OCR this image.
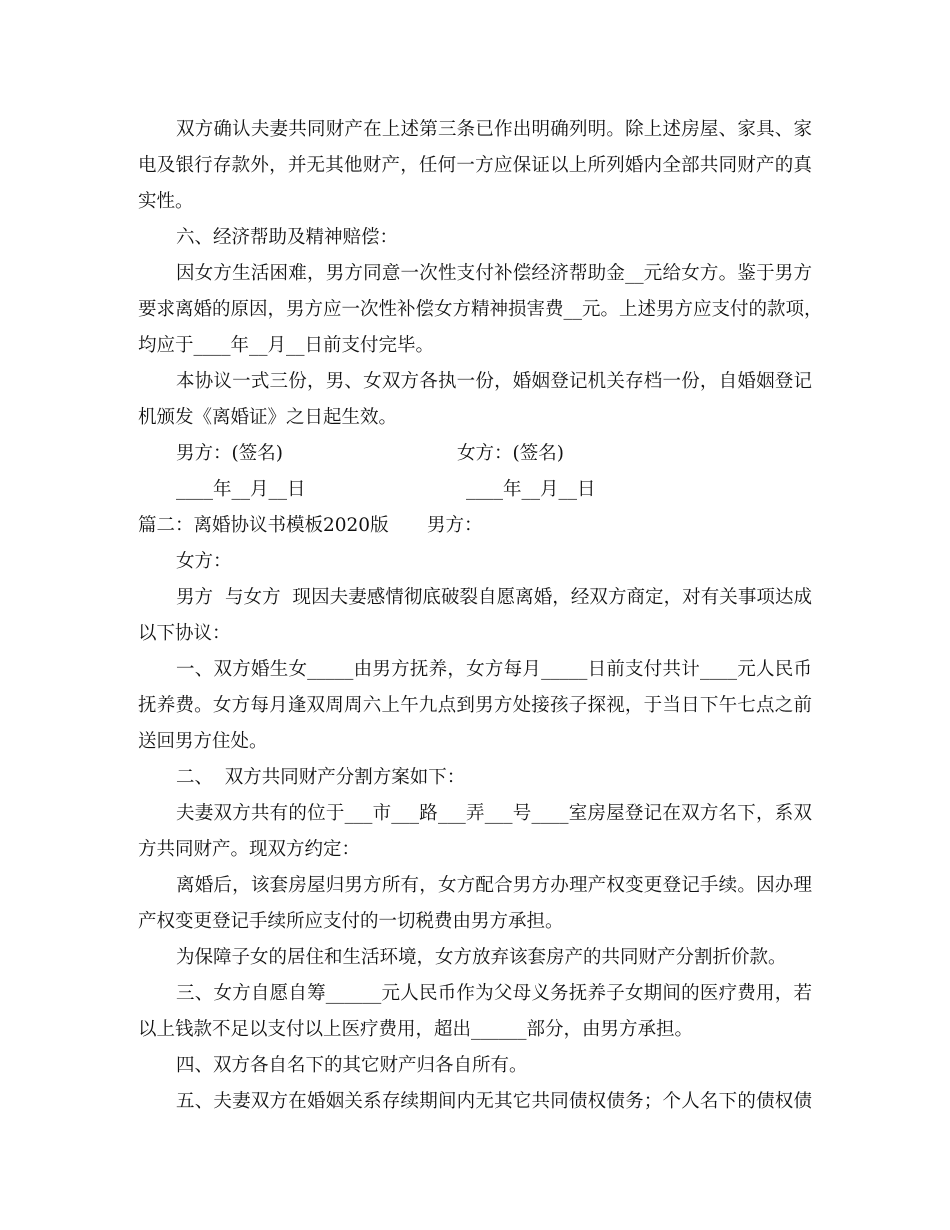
双方确认夫妻共同财产在上述第三条已作出明确列明。除上述房屋、家具、家
电及银行存款外，并无其他财产，任何一方应保证以上所列婚内全部共同财产的真
实性。
六、经济帮助及精神赔偿：
因女方生活困难，男方同意一次性支付补偿经济帮助金__元给女方。鉴于男方
要求离婚的原因，男方应一次性补偿女方精神损害费__元。上述男方应支付的款项，
均应于____年__月__日前支付完毕。
本协议一式三份，男、女双方各执一份，婚姻登记机关存档一份，自婚姻登记
机颁发《离婚证》之日起生效。
男方：(签名)	女方：(签名)
____年__月__日	____年__月__日
篇二：离婚协议书模板2020版 男方：
女方：
男方  与女方  现因夫妻感情彻底破裂自愿离婚，经双方商定，对有关事项达成
以下协议：
一、双方婚生女_____由男方抚养，女方每月_____日前支付共计____元人民币
抚养费。女方每月逢双周周六上午九点到男方处接孩子探视，于当日下午七点之前
送回男方住处。
二、  双方共同财产分割方案如下：
夫妻双方共有的位于___市___路___弄___号____室房屋登记在双方名下，系双
方共同财产。现双方约定：
离婚后，该套房屋归男方所有，女方配合男方办理产权变更登记手续。因办理
产权变更登记手续所应支付的一切税费由男方承担。
为保障子女的居住和生活环境，女方放弃该套房产的共同财产分割折价款。
三、女方自愿自筹______元人民币作为父母义务抚养子女期间的医疗费用，若
以上钱款不足以支付以上医疗费用，超出______部分，由男方承担。
四、双方各自名下的其它财产归各自所有。
五、夫妻双方在婚姻关系存续期间内无其它共同债权债务；个人名下的债权债
